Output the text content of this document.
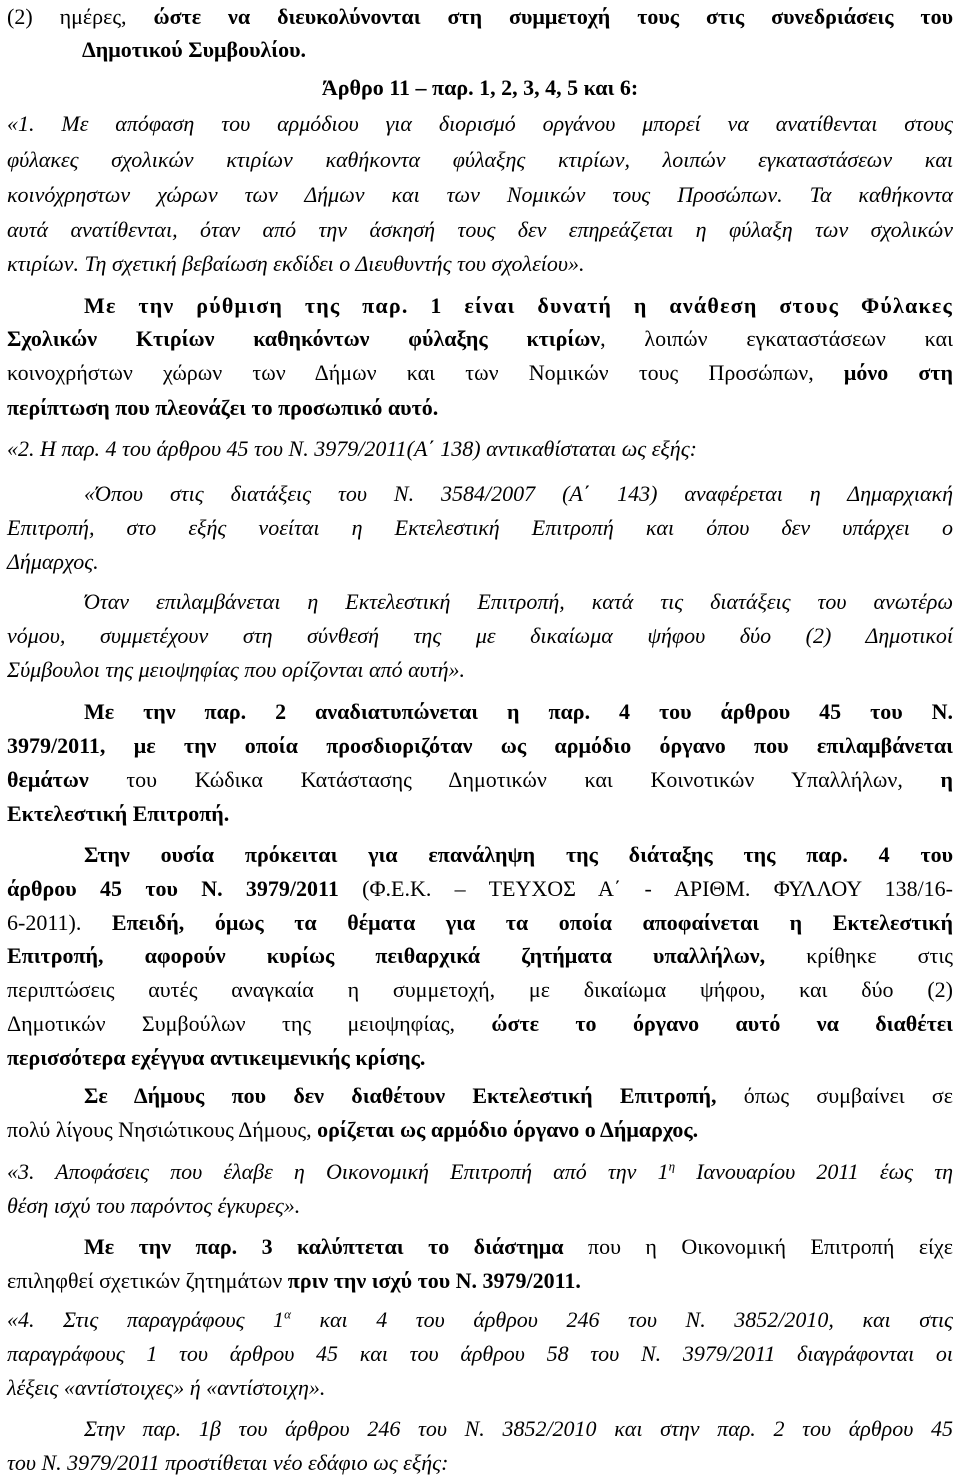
(2) ημέρες, ώστε να διευκολύνονται στη συμμετοχή τους στις συνεδριάσεις του
Δημοτικού Συμβουλίου.
Άρθρο 11 – παρ. 1, 2, 3, 4, 5 και 6:
«1. Με απόφαση του αρμόδιου για διορισμό οργάνου μπορεί να ανατίθενται στους
φύλακες σχολικών κτιρίων καθήκοντα φύλαξης κτιρίων, λοιπών εγκαταστάσεων και
κοινόχρηστων χώρων των Δήμων και των Νομικών τους Προσώπων. Τα καθήκοντα
αυτά ανατίθενται, όταν από την άσκησή τους δεν επηρεάζεται η φύλαξη των σχολικών
κτιρίων. Τη σχετική βεβαίωση εκδίδει ο Διευθυντής του σχολείου».
Με την ρύθμιση της παρ. 1 είναι δυνατή η ανάθεση στους Φύλακες
Σχολικών Κτιρίων καθηκόντων φύλαξης κτιρίων, λοιπών εγκαταστάσεων και
κοινοχρήστων χώρων των Δήμων και των Νομικών τους Προσώπων, μόνο στη
περίπτωση που πλεονάζει το προσωπικό αυτό.
«2. Η παρ. 4 του άρθρου 45 του Ν. 3979/2011(Α΄ 138) αντικαθίσταται ως εξής:
«Όπου στις διατάξεις του Ν. 3584/2007 (Α΄ 143) αναφέρεται η Δημαρχιακή
Επιτροπή, στο εξής νοείται η Εκτελεστική Επιτροπή και όπου δεν υπάρχει ο
Δήμαρχος.
Όταν επιλαμβάνεται η Εκτελεστική Επιτροπή, κατά τις διατάξεις του ανωτέρω
νόμου, συμμετέχουν στη σύνθεσή της με δικαίωμα ψήφου δύο (2) Δημοτικοί
Σύμβουλοι της μειοψηφίας που ορίζονται από αυτή».
Με την παρ. 2 αναδιατυπώνεται η παρ. 4 του άρθρου 45 του Ν.
3979/2011, με την οποία προσδιοριζόταν ως αρμόδιο όργανο που επιλαμβάνεται
θεμάτων του Κώδικα Κατάστασης Δημοτικών και Κοινοτικών Υπαλλήλων, η
Εκτελεστική Επιτροπή.
Στην ουσία πρόκειται για επανάληψη της διάταξης της παρ. 4 του
άρθρου 45 του Ν. 3979/2011 (Φ.Ε.Κ. – ΤΕΥΧΟΣ Α΄ - ΑΡΙΘΜ. ΦΥΛΛΟΥ 138/16-
6-2011). Επειδή, όμως τα θέματα για τα οποία αποφαίνεται η Εκτελεστική
Επιτροπή, αφορούν κυρίως πειθαρχικά ζητήματα υπαλλήλων, κρίθηκε στις
περιπτώσεις αυτές αναγκαία η συμμετοχή, με δικαίωμα ψήφου, και δύο (2)
Δημοτικών Συμβούλων της μειοψηφίας, ώστε το όργανο αυτό να διαθέτει
περισσότερα εχέγγυα αντικειμενικής κρίσης.
Σε Δήμους που δεν διαθέτουν Εκτελεστική Επιτροπή, όπως συμβαίνει σε
πολύ λίγους Νησιώτικους Δήμους, ορίζεται ως αρμόδιο όργανο ο Δήμαρχος.
«3. Αποφάσεις που έλαβε η Οικονομική Επιτροπή από την $1^\eta$ Ιανουαρίου 2011 έως τη
θέση ισχύ του παρόντος έγκυρες».
Με την παρ. 3 καλύπτεται το διάστημα που η Οικονομική Επιτροπή είχε
επιληφθεί σχετικών ζητημάτων πριν την ισχύ του Ν. 3979/2011.
«4. Στις παραγράφους $1^\alpha$ και 4 του άρθρου 246 του Ν. 3852/2010, και στις
παραγράφους 1 του άρθρου 45 και του άρθρου 58 του Ν. 3979/2011 διαγράφονται οι
λέξεις «αντίστοιχες» ή «αντίστοιχη».
Στην παρ. 1β του άρθρου 246 του Ν. 3852/2010 και στην παρ. 2 του άρθρου 45
του Ν. 3979/2011 προστίθεται νέο εδάφιο ως εξής:
